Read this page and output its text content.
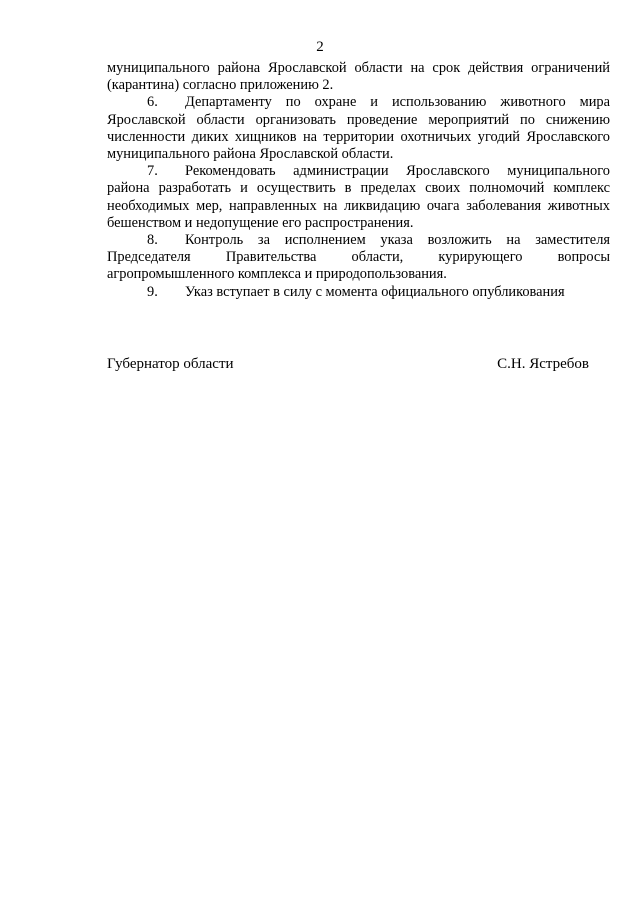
2

муниципального района Ярославской области на срок действия ограничений (карантина) согласно приложению 2.

6. Департаменту по охране и использованию животного мира Ярославской области организовать проведение мероприятий по снижению численности диких хищников на территории охотничьих угодий Ярославского муниципального района Ярославской области.

7. Рекомендовать администрации Ярославского муниципального района разработать и осуществить в пределах своих полномочий комплекс необходимых мер, направленных на ликвидацию очага заболевания животных бешенством и недопущение его распространения.

8. Контроль за исполнением указа возложить на заместителя Председателя Правительства области, курирующего вопросы агропромышленного комплекса и природопользования.

9. Указ вступает в силу с момента официального опубликования

Губернатор области	С.Н. Ястребов
